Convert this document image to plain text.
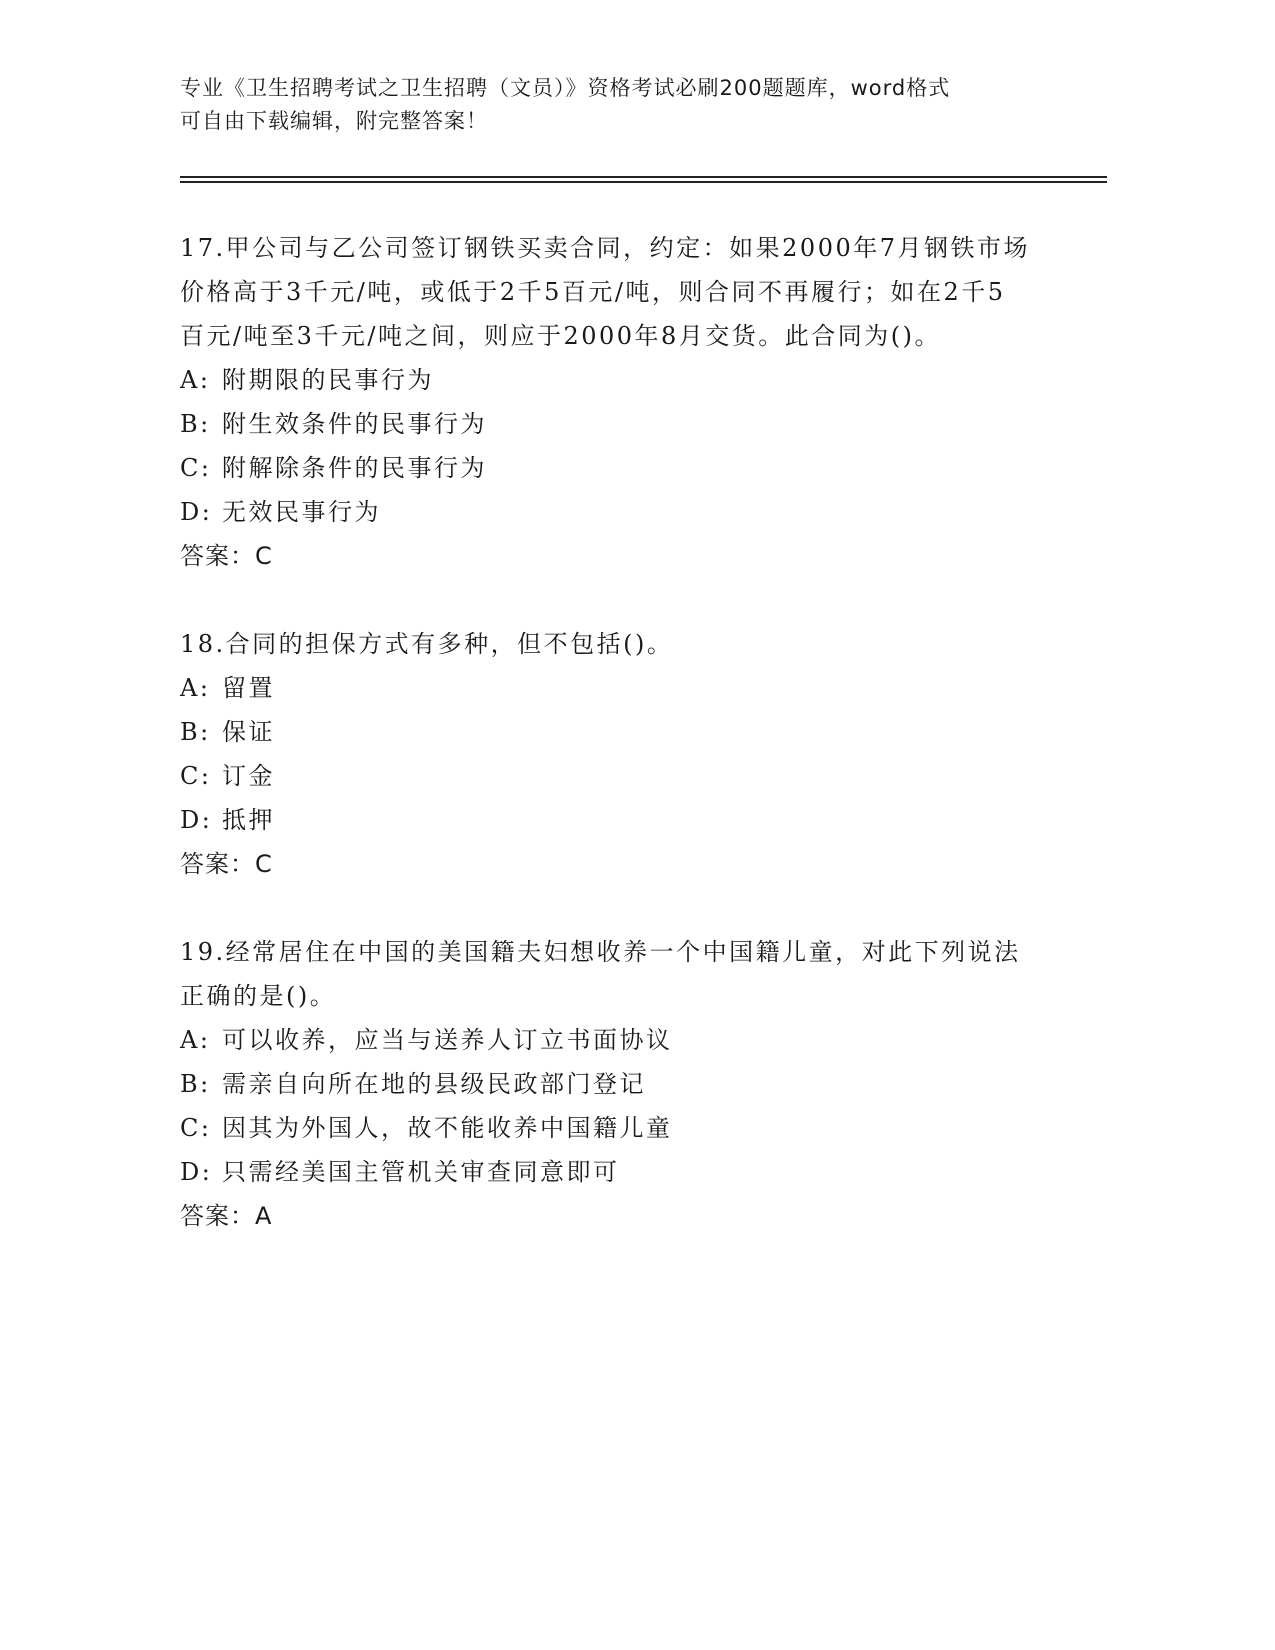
专业《卫生招聘考试之卫生招聘（文员）》资格考试必刷200题题库，word格式
可自由下载编辑，附完整答案！
17.甲公司与乙公司签订钢铁买卖合同，约定：如果2000年7月钢铁市场价格高于3千元/吨，或低于2千5百元/吨，则合同不再履行；如在2千5百元/吨至3千元/吨之间，则应于2000年8月交货。此合同为()。
A: 附期限的民事行为
B: 附生效条件的民事行为
C: 附解除条件的民事行为
D: 无效民事行为
答案：C
18.合同的担保方式有多种，但不包括()。
A: 留置
B: 保证
C: 订金
D: 抵押
答案：C
19.经常居住在中国的美国籍夫妇想收养一个中国籍儿童，对此下列说法正确的是()。
A: 可以收养，应当与送养人订立书面协议
B: 需亲自向所在地的县级民政部门登记
C: 因其为外国人，故不能收养中国籍儿童
D: 只需经美国主管机关审查同意即可
答案：A
